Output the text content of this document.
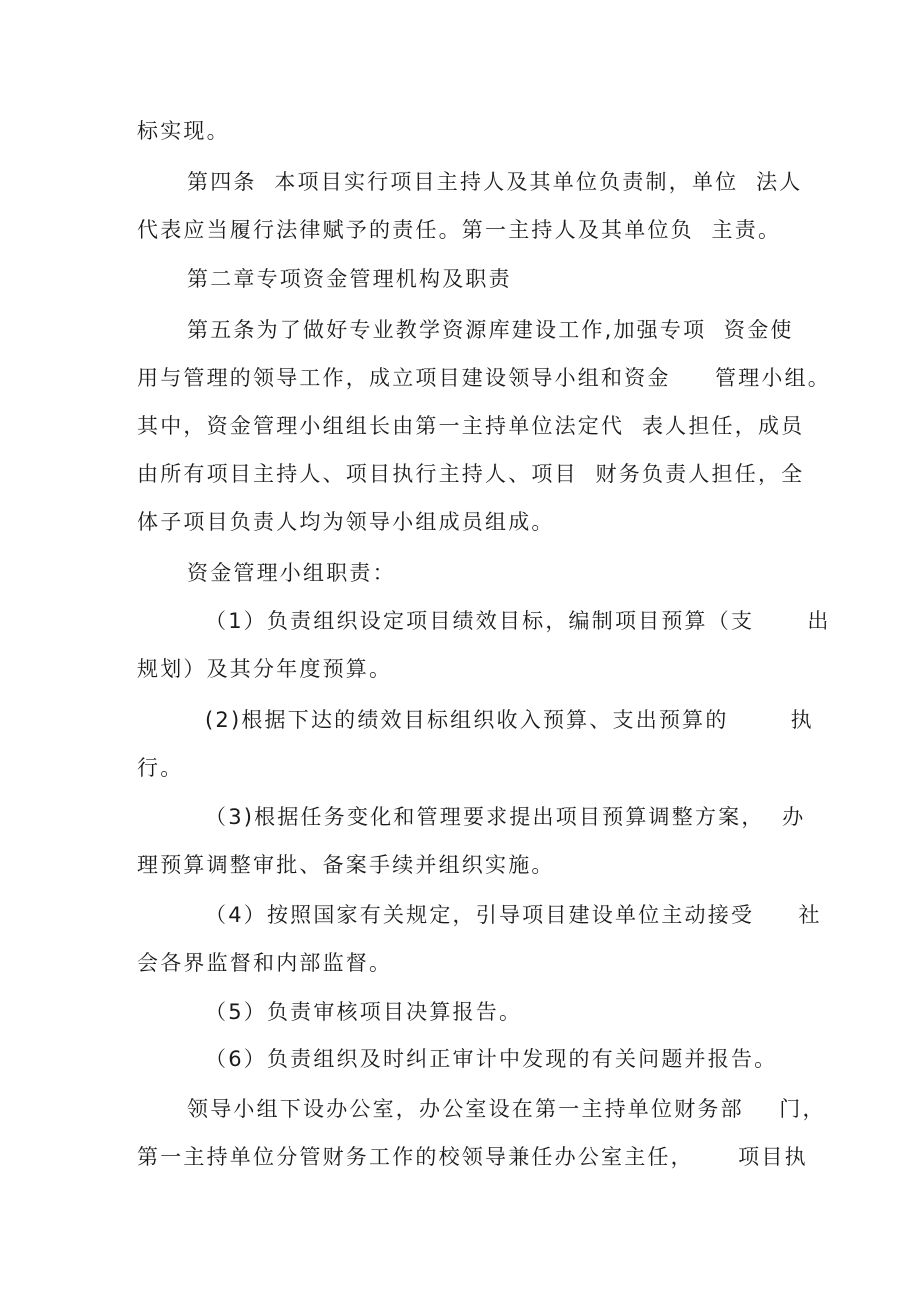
标实现。
第四条  本项目实行项目主持人及其单位负责制，单位  法人
代表应当履行法律赋予的责任。第一主持人及其单位负  主责。
第二章专项资金管理机构及职责
第五条为了做好专业教学资源库建设工作,加强专项  资金使
用与管理的领导工作，成立项目建设领导小组和资金     管理小组。
其中，资金管理小组组长由第一主持单位法定代  表人担任，成员
由所有项目主持人、项目执行主持人、项目  财务负责人担任，全
体子项目负责人均为领导小组成员组成。
资金管理小组职责：
（1）负责组织设定项目绩效目标，编制项目预算（支      出
规划）及其分年度预算。
(2)根据下达的绩效目标组织收入预算、支出预算的       执
行。
（3)根据任务变化和管理要求提出项目预算调整方案，  办
理预算调整审批、备案手续并组织实施。
（4）按照国家有关规定，引导项目建设单位主动接受     社
会各界监督和内部监督。
（5）负责审核项目决算报告。
（6）负责组织及时纠正审计中发现的有关问题并报告。
领导小组下设办公室，办公室设在第一主持单位财务部    门，
第一主持单位分管财务工作的校领导兼任办公室主任，     项目执
